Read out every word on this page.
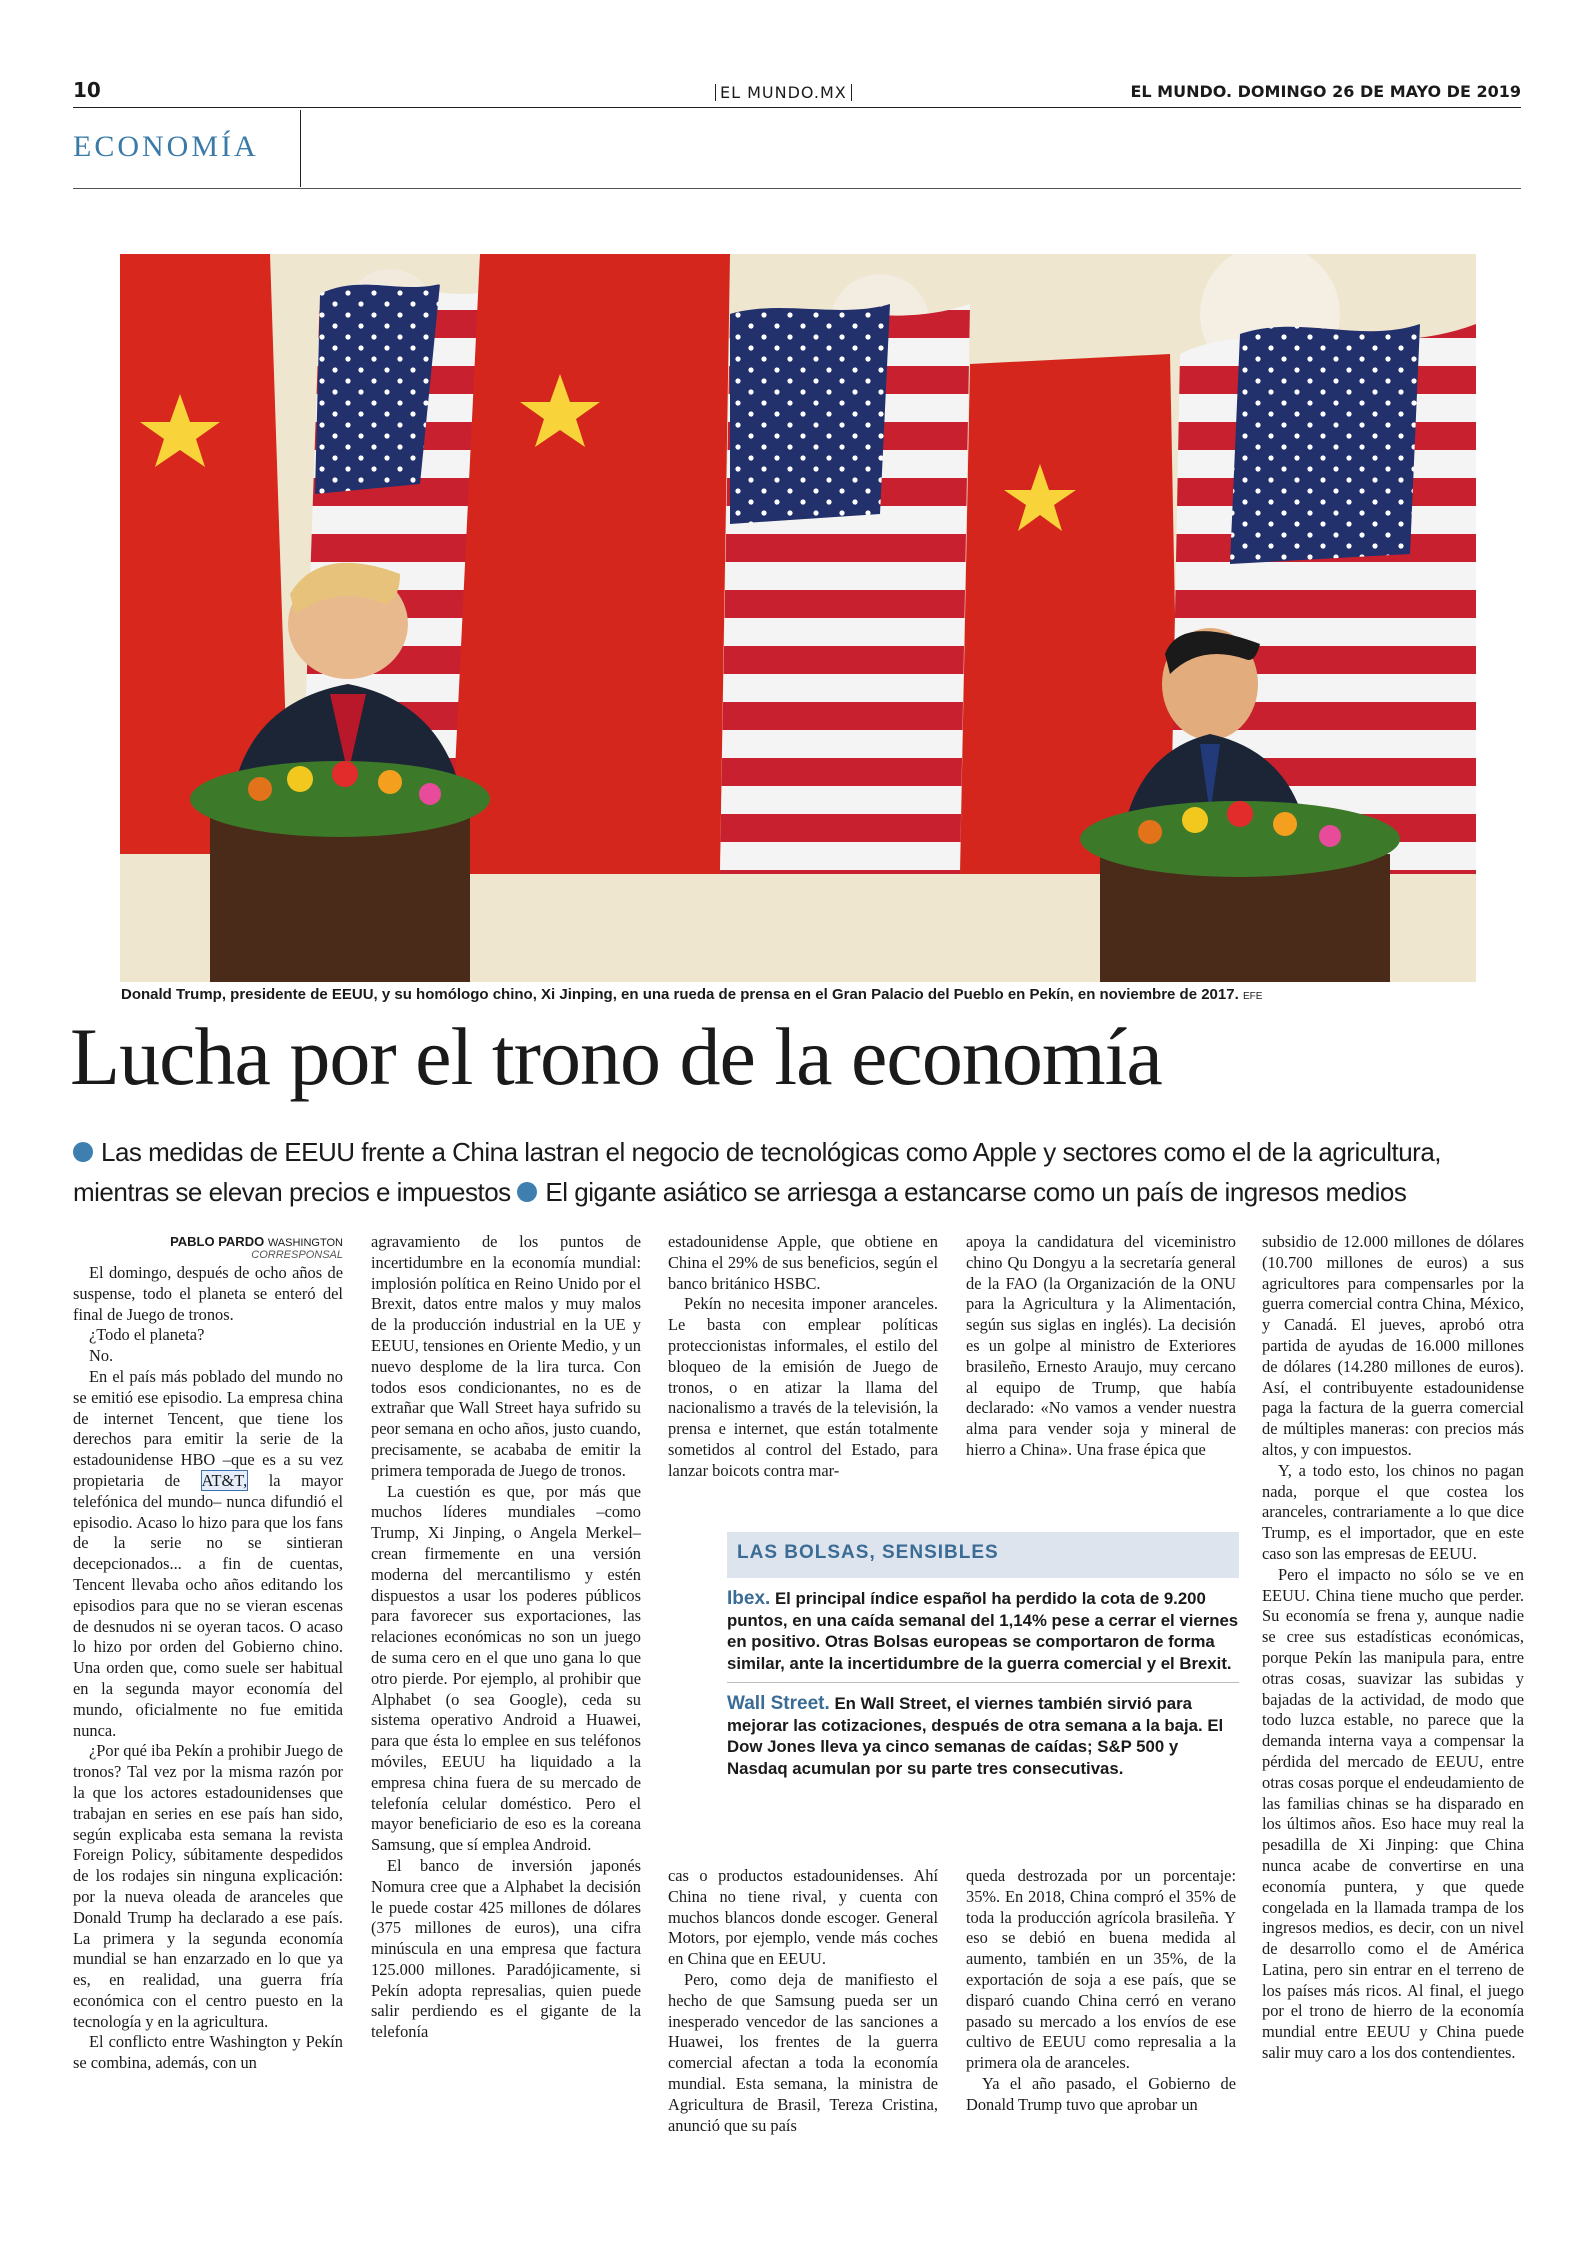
10	EL MUNDO.MX	EL MUNDO. DOMINGO 26 DE MAYO DE 2019
ECONOMÍA
Donald Trump, presidente de EEUU, y su homólogo chino, Xi Jinping, en una rueda de prensa en el Gran Palacio del Pueblo en Pekín, en noviembre de 2017. EFE
Lucha por el trono de la economía
Las medidas de EEUU frente a China lastran el negocio de tecnológicas como Apple y sectores como el de la agricultura, mientras se elevan precios e impuestos El gigante asiático se arriesga a estancarse como un país de ingresos medios

PABLO PARDO WASHINGTON

CORRESPONSAL

El domingo, después de ocho años de suspense, todo el planeta se enteró del final de Juego de tronos.

¿Todo el planeta?

No.

En el país más poblado del mundo no se emitió ese episodio. La empresa china de internet Tencent, que tiene los derechos para emitir la serie de la estadounidense HBO –que es a su vez propietaria de AT&T, la mayor telefónica del mundo– nunca difundió el episodio. Acaso lo hizo para que los fans de la serie no se sintieran decepcionados... a fin de cuentas, Tencent llevaba ocho años editando los episodios para que no se vieran escenas de desnudos ni se oyeran tacos. O acaso lo hizo por orden del Gobierno chino. Una orden que, como suele ser habitual en la segunda mayor economía del mundo, oficialmente no fue emitida nunca.

¿Por qué iba Pekín a prohibir Juego de tronos? Tal vez por la misma razón por la que los actores estadounidenses que trabajan en series en ese país han sido, según explicaba esta semana la revista Foreign Policy, súbitamente despedidos de los rodajes sin ninguna explicación: por la nueva oleada de aranceles que Donald Trump ha declarado a ese país. La primera y la segunda economía mundial se han enzarzado en lo que ya es, en realidad, una guerra fría económica con el centro puesto en la tecnología y en la agricultura.

El conflicto entre Washington y Pekín se combina, además, con un

agravamiento de los puntos de incertidumbre en la economía mundial: implosión política en Reino Unido por el Brexit, datos entre malos y muy malos de la producción industrial en la UE y EEUU, tensiones en Oriente Medio, y un nuevo desplome de la lira turca. Con todos esos condicionantes, no es de extrañar que Wall Street haya sufrido su peor semana en ocho años, justo cuando, precisamente, se acababa de emitir la primera temporada de Juego de tronos.

La cuestión es que, por más que muchos líderes mundiales –como Trump, Xi Jinping, o Angela Merkel– crean firmemente en una versión moderna del mercantilismo y estén dispuestos a usar los poderes públicos para favorecer sus exportaciones, las relaciones económicas no son un juego de suma cero en el que uno gana lo que otro pierde. Por ejemplo, al prohibir que Alphabet (o sea Google), ceda su sistema operativo Android a Huawei, para que ésta lo emplee en sus teléfonos móviles, EEUU ha liquidado a la empresa china fuera de su mercado de telefonía celular doméstico. Pero el mayor beneficiario de eso es la coreana Samsung, que sí emplea Android.

El banco de inversión japonés Nomura cree que a Alphabet la decisión le puede costar 425 millones de dólares (375 millones de euros), una cifra minúscula en una empresa que factura 125.000 millones. Paradójicamente, si Pekín adopta represalias, quien puede salir perdiendo es el gigante de la telefonía

estadounidense Apple, que obtiene en China el 29% de sus beneficios, según el banco británico HSBC.

Pekín no necesita imponer aranceles. Le basta con emplear políticas proteccionistas informales, el estilo del bloqueo de la emisión de Juego de tronos, o en atizar la llama del nacionalismo a través de la televisión, la prensa e internet, que están totalmente sometidos al control del Estado, para lanzar boicots contra mar-

apoya la candidatura del viceministro chino Qu Dongyu a la secretaría general de la FAO (la Organización de la ONU para la Agricultura y la Alimentación, según sus siglas en inglés). La decisión es un golpe al ministro de Exteriores brasileño, Ernesto Araujo, muy cercano al equipo de Trump, que había declarado: «No vamos a vender nuestra alma para vender soja y mineral de hierro a China». Una frase épica que

LAS BOLSAS, SENSIBLES
Ibex. El principal índice español ha perdido la cota de 9.200 puntos, en una caída semanal del 1,14% pese a cerrar el viernes en positivo. Otras Bolsas europeas se comportaron de forma similar, ante la incertidumbre de la guerra comercial y el Brexit.
Wall Street. En Wall Street, el viernes también sirvió para mejorar las cotizaciones, después de otra semana a la baja. El Dow Jones lleva ya cinco semanas de caídas; S&P 500 y Nasdaq acumulan por su parte tres consecutivas.

cas o productos estadounidenses. Ahí China no tiene rival, y cuenta con muchos blancos donde escoger. General Motors, por ejemplo, vende más coches en China que en EEUU.

Pero, como deja de manifiesto el hecho de que Samsung pueda ser un inesperado vencedor de las sanciones a Huawei, los frentes de la guerra comercial afectan a toda la economía mundial. Esta semana, la ministra de Agricultura de Brasil, Tereza Cristina, anunció que su país

queda destrozada por un porcentaje: 35%. En 2018, China compró el 35% de toda la producción agrícola brasileña. Y eso se debió en buena medida al aumento, también en un 35%, de la exportación de soja a ese país, que se disparó cuando China cerró en verano pasado su mercado a los envíos de ese cultivo de EEUU como represalia a la primera ola de aranceles.

Ya el año pasado, el Gobierno de Donald Trump tuvo que aprobar un

subsidio de 12.000 millones de dólares (10.700 millones de euros) a sus agricultores para compensarles por la guerra comercial contra China, México, y Canadá. El jueves, aprobó otra partida de ayudas de 16.000 millones de dólares (14.280 millones de euros). Así, el contribuyente estadounidense paga la factura de la guerra comercial de múltiples maneras: con precios más altos, y con impuestos.

Y, a todo esto, los chinos no pagan nada, porque el que costea los aranceles, contrariamente a lo que dice Trump, es el importador, que en este caso son las empresas de EEUU.

Pero el impacto no sólo se ve en EEUU. China tiene mucho que perder. Su economía se frena y, aunque nadie se cree sus estadísticas económicas, porque Pekín las manipula para, entre otras cosas, suavizar las subidas y bajadas de la actividad, de modo que todo luzca estable, no parece que la demanda interna vaya a compensar la pérdida del mercado de EEUU, entre otras cosas porque el endeudamiento de las familias chinas se ha disparado en los últimos años. Eso hace muy real la pesadilla de Xi Jinping: que China nunca acabe de convertirse en una economía puntera, y que quede congelada en la llamada trampa de los ingresos medios, es decir, con un nivel de desarrollo como el de América Latina, pero sin entrar en el terreno de los países más ricos. Al final, el juego por el trono de hierro de la economía mundial entre EEUU y China puede salir muy caro a los dos contendientes.
